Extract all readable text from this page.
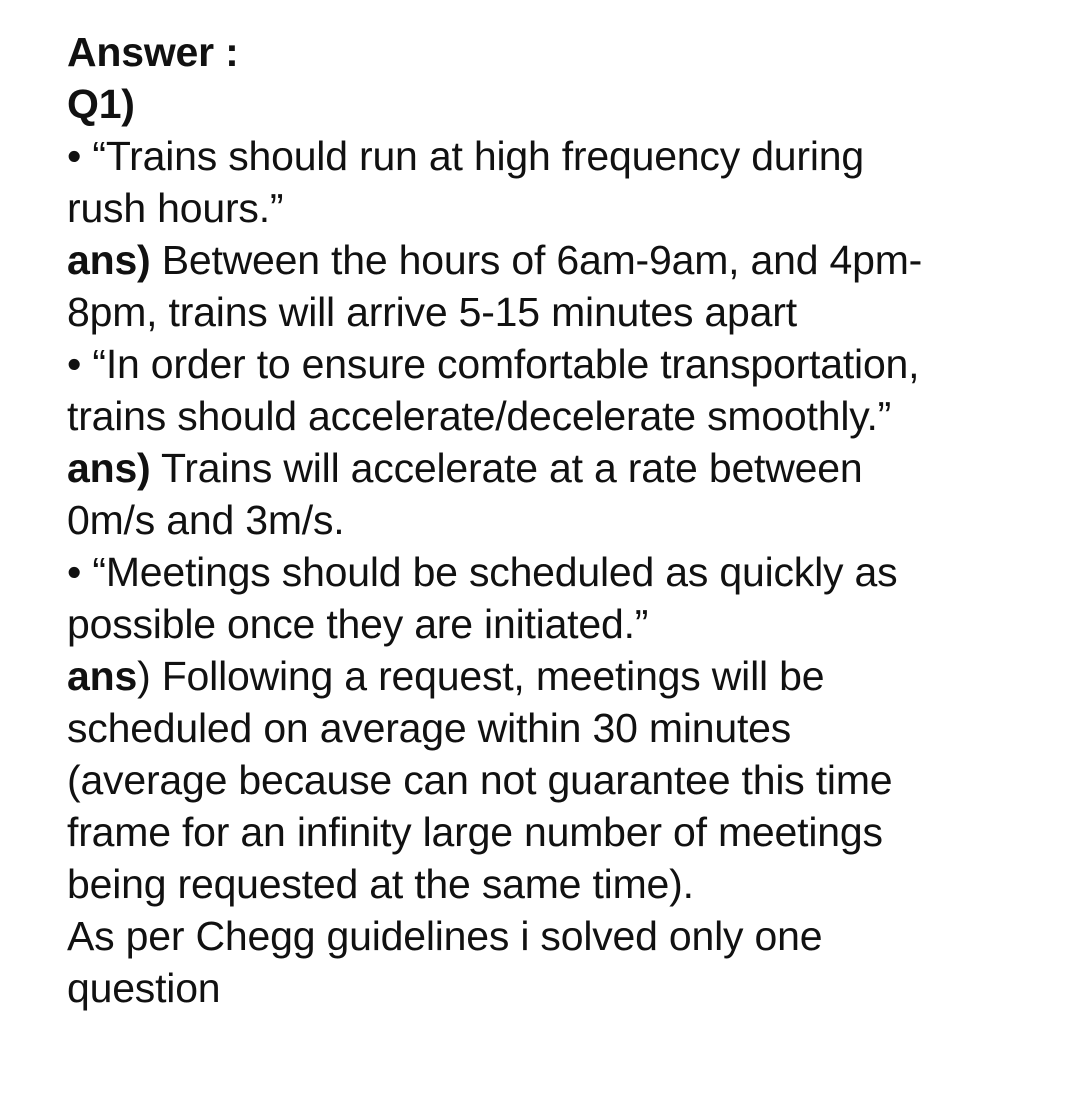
Answer :
Q1)
• “Trains should run at high frequency during
rush hours.”
ans) Between the hours of 6am-9am, and 4pm-
8pm, trains will arrive 5-15 minutes apart
• “In order to ensure comfortable transportation,
trains should accelerate/decelerate smoothly.”
ans) Trains will accelerate at a rate between
0m/s and 3m/s.
• “Meetings should be scheduled as quickly as
possible once they are initiated.”
ans) Following a request, meetings will be
scheduled on average within 30 minutes
(average because can not guarantee this time
frame for an infinity large number of meetings
being requested at the same time).
As per Chegg guidelines i solved only one
question
